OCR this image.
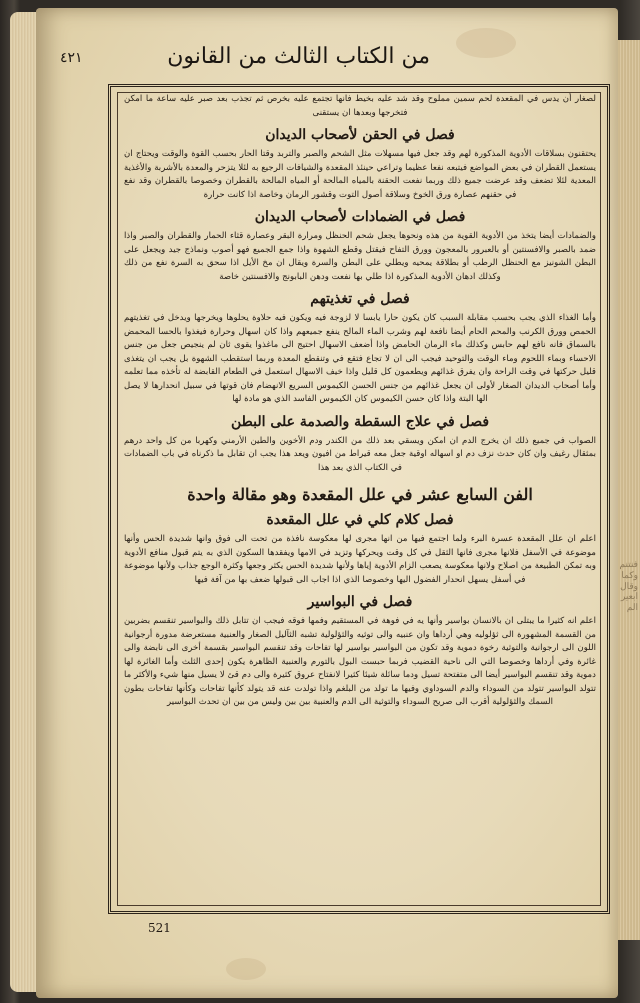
فنتنم وكما وقال ابعير الم
من الكتاب الثالث من القانون
٤٢١
لصغار أن يدس في المقعدة لحم سمين مملوح وقد شد عليه بخيط فانها تجتمع عليه بخرص ثم تجذب بعد صبر عليه ساعة ما امكن فتخرجها وبعدها ان يستقنى
فصل في الحقن لأصحاب الديدان
يحتقنون بسلاقات الأدوية المذكورة لهم وقد جعل فيها مسهلات مثل الشحم والصبر والتربد وقتا الحار بحسب القوة والوقت ويحتاج ان يستعمل القطران في بعض المواضع فيتبعه نفعا عظيما وتراعي حينئذ المقعدة والشيافات الرجيع به لئلا يتزحر والمعدة بالأشربة والأغذية المعدية لئلا تضعف وقد عرضت جميع ذلك وربما نفعت الحقنة بالمياه المالحة أو المياه المالحة بالقطران وخصوصا بالقطران وقد نفع في حقنهم عصارة ورق الخوخ وسلاقة أصول التوت وقشور الرمان وخاصة اذا كانت حرارة
فصل في الضمادات لأصحاب الديدان
والضمادات أيضا يتخذ من الأدوية القوية من هذه ونحوها يجعل شحم الحنظل ومرارة البقر وعصارة قثاء الحمار والقطران والصبر واذا ضمد بالصبر والافسنتين أو بالعبرور بالمعجون وورق التفاح فيقتل وقطع الشهوة واذا جمع الجميع فهو أصوب ونماذج جيد ويجعل على البطن الشونيز مع الحنظل الرطب أو بطلاقة يمحيه ويطلي على البطن والسرة ويقال ان مخ الأيل اذا سحق به السرة نفع من ذلك وكذلك ادهان الأدوية المذكورة اذا طلي بها نفعت ودهن البابونج والافسنتين خاصة
فصل في تغذيتهم
وأما الغذاء الذي يجب بحسب مقابلة السبب كان يكون حارا يابسا لا لزوجة فيه ويكون فيه حلاوة يحلوها ويخرجها ويدخل في تغذيتهم الحمص وورق الكرنب والمحم الحام أيضا نافعة لهم وشرب الماء المالح ينفع جميعهم واذا كان اسهال وحرارة فيغذوا بالحسا المحمض بالسماق فانه نافع لهم حابس وكذلك ماء الرمان الحامض واذا أضعف الاسهال احتيج الى ماغذوا يقوى ثان لم ينجيص جعل من جنس الاحساء وبماء اللحوم وماء الوقت والتوحيد فيجب الى ان لا تجاع فتقع في وتنقطع المعدة وربما استقطب الشهوة بل يجب ان يتغذى قليل حركتها في وقت الراحة وان يفرق غذائهم ويطعمون كل قليل واذا خيف الاسهال استعمل في الطعام القابضة له تأخذه مما تعلمه وأما أصحاب الديدان الصغار لأولى ان يجعل غذائهم من جنس الحسن الكيموس السريع الانهضام فان قوتها في سبيل انحدارها لا يصل الها البتة واذا كان حسن الكيموس كان الكيموس الفاسد الذي هو مادة لها
فصل في علاج السقطة والصدمة على البطن
الصواب في جميع ذلك ان يخرج الدم ان امكن ويسقي بعد ذلك من الكندر ودم الأخوين والطين الأرمني وكهربا من كل واحد درهم بمثقال رغيف وان كان حدث نزف دم او اسهاله اوقية جعل معه قيراط من افيون ويعد هذا يجب ان تقابل ما ذكرناه في باب الضمادات في الكتاب الذي بعد هذا
الفن السابع عشر في علل المقعدة وهو مقالة واحدة
فصل كلام كلي في علل المقعدة
اعلم ان علل المقعدة عسرة البرء ولما اجتمع فيها من انها مجرى لها معكوسة نافذة من تحت الى فوق وانها شديدة الحس وأنها موضوعة في الأسفل فلانها مجرى فانها الثقل في كل وقت ويحركها وتزيد في الامها ويفقدها السكون الذي به يتم قبول منافع الأدوية وبه تمكن الطبيعة من اصلاح ولانها معكوسة يصعب الزام الأدوية إياها ولأنها شديدة الحس يكثر وجعها وكثرة الوجع جذاب ولأنها موضوعة في أسفل يسهل انحدار الفضول اليها وخصوصا الذي اذا اجاب الى قبولها ضعف بها من آفة فيها
فصل في البواسير
اعلم انه كثيرا ما يبتلى ان بالانسان بواسير وأنها يه في فوهة في المستقيم وفمها فوقه فيجب ان تتابل ذلك والبواسير تنقسم بضربين من القسمة المشهورة الى ثؤلوليه وهي أرداها وان عنبيه والى توثيه والثؤلولية تشبه الثآليل الصغار والعنبية مستعرضة مدورة أرجوانية اللون الى ارجوانية والتوثية رخوة دموية وقد تكون من البواسير بواسير لها تفاحات وقد تنقسم البواسير بقسمة أخرى الى نابضة والى غائرة وفي أرداها وخصوصا التي الى ناحية القضيب فربما حبست البول بالتورم والعنبية الظاهرة يكون إحدى الثلث وأما الغائرة لها دموية وقد تنقسم البواسير أيضا الى متفتحة تسيل ودما سائلة شيئا كثيرا لانفتاح عروق كثيرة والى دم قئ لا يسيل منها شيء والأكثر ما تتولد البواسير تتولد من السوداء والدم السوداوي وفيها ما تولد من البلغم واذا تولدت عنه قد يتولد كأنها تفاحات وكأنها تفاحات بطون السمك والثؤلولية أقرب الى صريح السوداء والتوثية الى الدم والعنبية بين بين وليس من بين ان تحدث البواسير
521
